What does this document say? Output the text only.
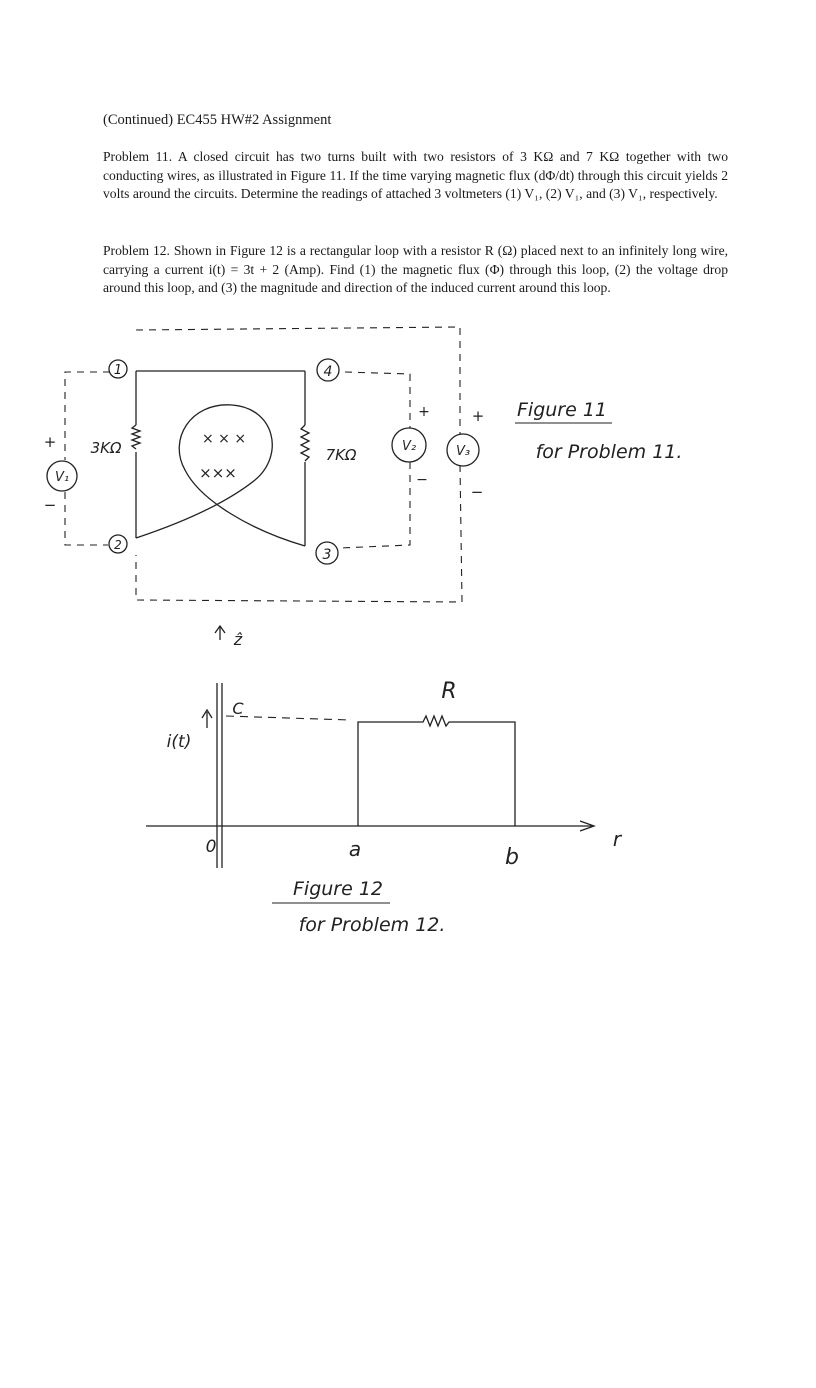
(Continued) EC455 HW#2 Assignment
Problem 11. A closed circuit has two turns built with two resistors of 3 KΩ and 7 KΩ together with two conducting wires, as illustrated in Figure 11. If the time varying magnetic flux (dΦ/dt) through this circuit yields 2 volts around the circuits. Determine the readings of attached 3 voltmeters (1) V₁, (2) V₁, and (3) V₁, respectively.
Problem 12. Shown in Figure 12 is a rectangular loop with a resistor R (Ω) placed next to an infinitely long wire, carrying a current i(t) = 3t + 2 (Amp). Find (1) the magnetic flux (Φ) through this loop, (2) the voltage drop around this loop, and (3) the magnitude and direction of the induced current around this loop.
1
2
4
3
3KΩ	7KΩ
× × ×
×××
V₁
V₂	V₃
+
−
+
−
+
−
Figure 11
for Problem 11.
ẑ
i(t)
C
R
0	a	b
r
Figure 12
for Problem 12.
